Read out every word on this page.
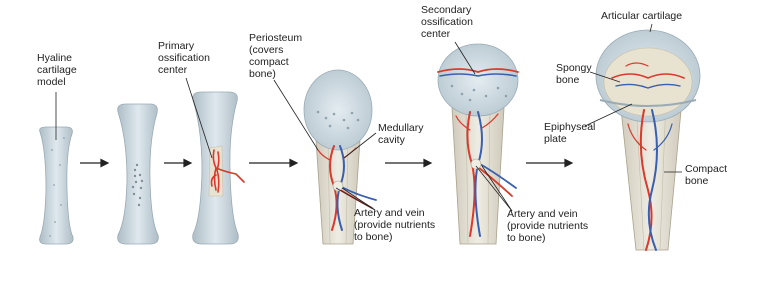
Hyaline
cartilage
model
Primary
ossification
center
Periosteum
(covers
compact
bone)
Medullary
cavity
Artery and vein
(provide nutrients
to bone)
Secondary
ossification
center
Artery and vein
(provide nutrients
to bone)
Articular cartilage
Spongy
bone
Epiphyseal
plate
Compact
bone
